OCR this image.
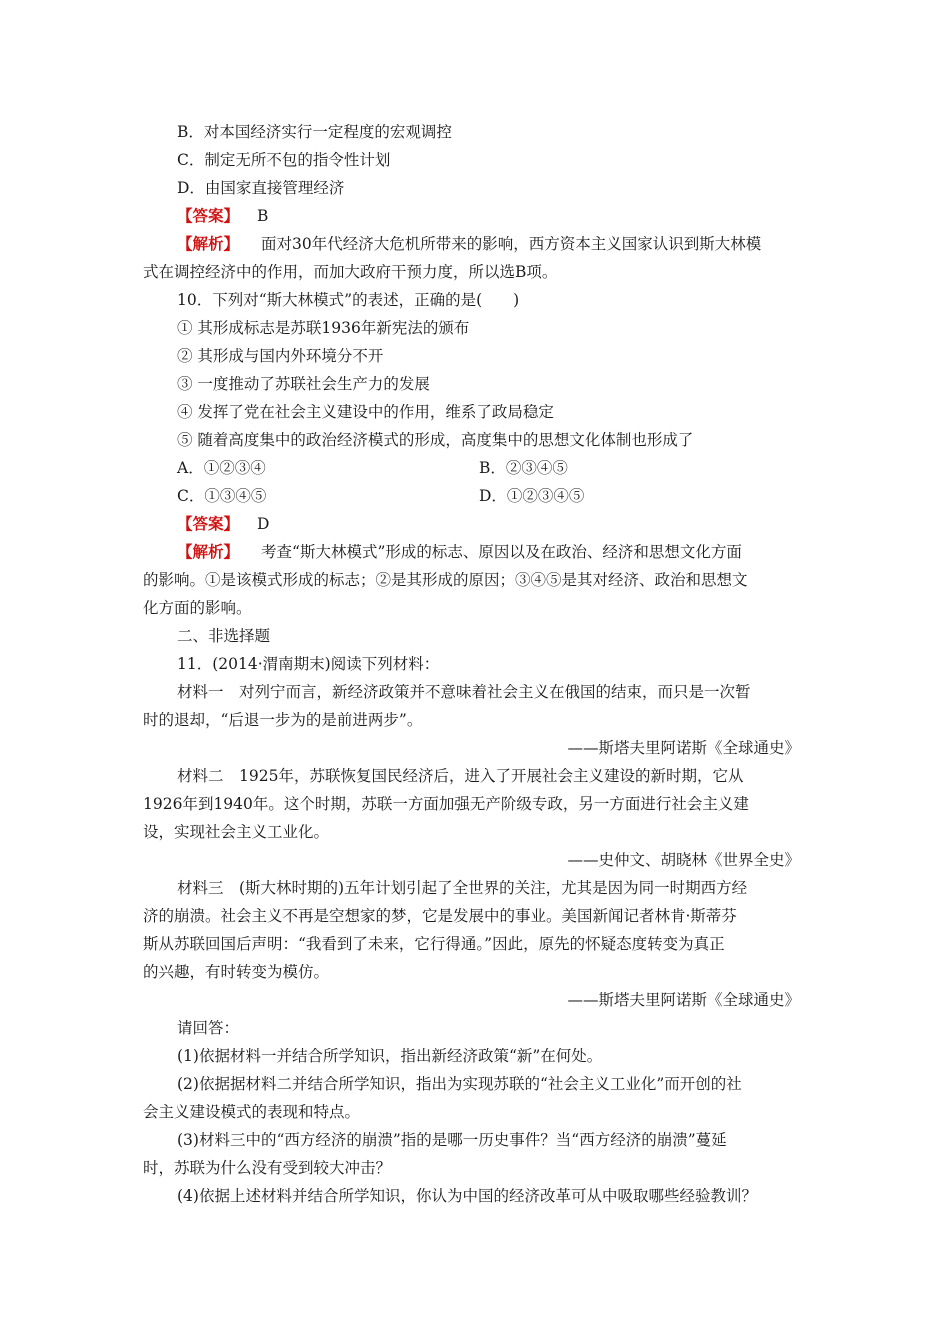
B．对本国经济实行一定程度的宏观调控
C．制定无所不包的指令性计划
D．由国家直接管理经济
【答案】 B
【解析】 面对30年代经济大危机所带来的影响，西方资本主义国家认识到斯大林模
式在调控经济中的作用，而加大政府干预力度，所以选B项。
10．下列对“斯大林模式”的表述，正确的是(　　)
① 其形成标志是苏联1936年新宪法的颁布
② 其形成与国内外环境分不开
③ 一度推动了苏联社会生产力的发展
④ 发挥了党在社会主义建设中的作用，维系了政局稳定
⑤ 随着高度集中的政治经济模式的形成，高度集中的思想文化体制也形成了
A．①②③④	B．②③④⑤
C．①③④⑤	D．①②③④⑤
【答案】 D
【解析】 考查“斯大林模式”形成的标志、原因以及在政治、经济和思想文化方面
的影响。①是该模式形成的标志；②是其形成的原因；③④⑤是其对经济、政治和思想文
化方面的影响。
二、非选择题
11．(2014·渭南期末)阅读下列材料：
材料一　对列宁而言，新经济政策并不意味着社会主义在俄国的结束，而只是一次暂
时的退却，“后退一步为的是前进两步”。
——斯塔夫里阿诺斯《全球通史》
材料二　1925年，苏联恢复国民经济后，进入了开展社会主义建设的新时期，它从
1926年到1940年。这个时期，苏联一方面加强无产阶级专政，另一方面进行社会主义建
设，实现社会主义工业化。
——史仲文、胡晓林《世界全史》
材料三　(斯大林时期的)五年计划引起了全世界的关注，尤其是因为同一时期西方经
济的崩溃。社会主义不再是空想家的梦，它是发展中的事业。美国新闻记者林肯·斯蒂芬
斯从苏联回国后声明：“我看到了未来，它行得通。”因此，原先的怀疑态度转变为真正
的兴趣，有时转变为模仿。
——斯塔夫里阿诺斯《全球通史》
请回答：
(1)依据材料一并结合所学知识，指出新经济政策“新”在何处。
(2)依据据材料二并结合所学知识，指出为实现苏联的“社会主义工业化”而开创的社
会主义建设模式的表现和特点。
(3)材料三中的“西方经济的崩溃”指的是哪一历史事件？当“西方经济的崩溃”蔓延
时，苏联为什么没有受到较大冲击？
(4)依据上述材料并结合所学知识，你认为中国的经济改革可从中吸取哪些经验教训？
